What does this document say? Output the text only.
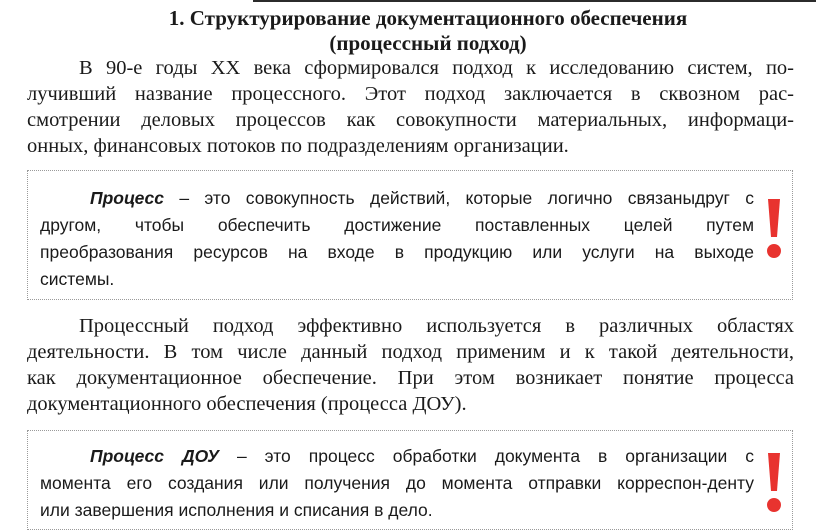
1. Структурирование документационного обеспечения
(процессный подход)

В 90-е годы ХХ века сформировался подход к исследованию систем, по-
лучивший название процессного. Этот подход заключается в сквозном рас-
смотрении деловых процессов как совокупности материальных, информаци-
онных, финансовых потоков по подразделениям организации.

Процесс – это совокупность действий, которые логично связаныдруг с
другом, чтобы обеспечить достижение поставленных целей путем
преобразования ресурсов на входе в продукцию или услуги на выходе
системы.

Процессный подход эффективно используется в различных областях
деятельности. В том числе данный подход применим и к такой деятельности,
как документационное обеспечение. При этом возникает понятие процесса
документационного обеспечения (процесса ДОУ).

Процесс ДОУ – это процесс обработки документа в организации с
момента его создания или получения до момента отправки корреспон-денту
или завершения исполнения и списания в дело.
